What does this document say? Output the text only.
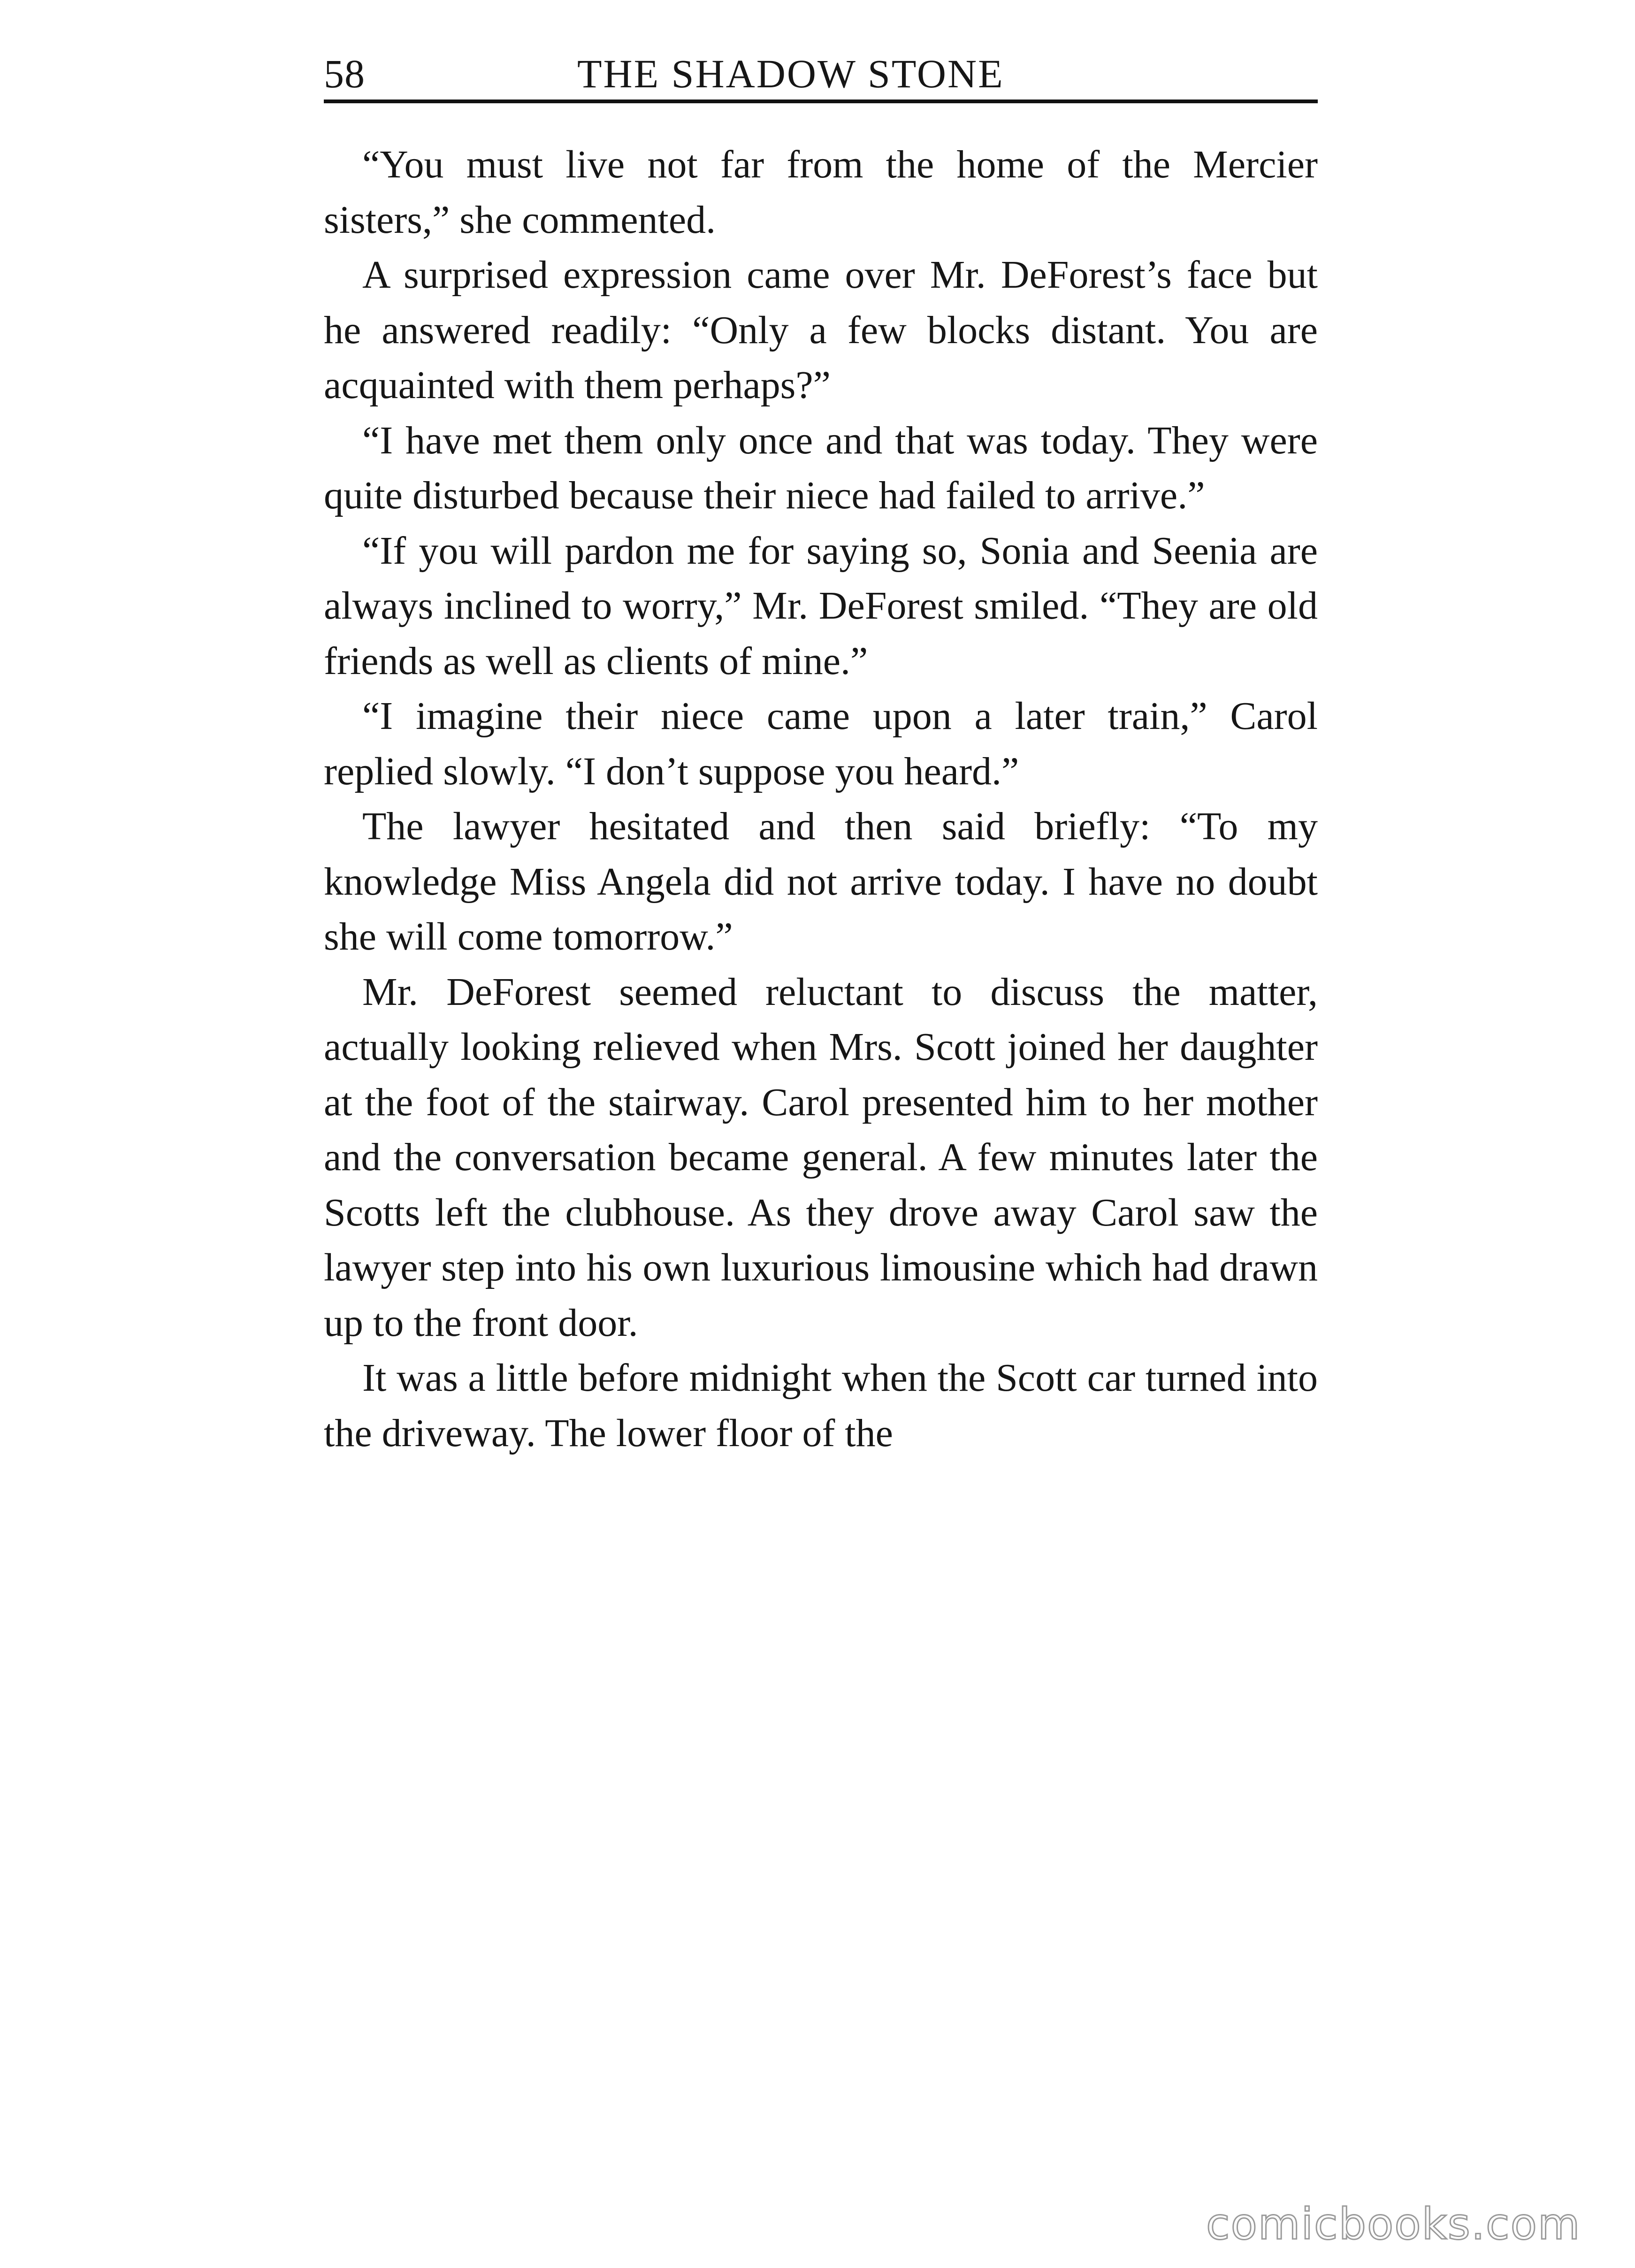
58	THE SHADOW STONE

“You must live not far from the home of the Mercier sisters,” she commented.

A surprised expression came over Mr. DeForest’s face but he answered readily: “Only a few blocks distant. You are acquainted with them perhaps?”

“I have met them only once and that was today. They were quite disturbed because their niece had failed to arrive.”

“If you will pardon me for saying so, Sonia and Seenia are always inclined to worry,” Mr. DeForest smiled. “They are old friends as well as clients of mine.”

“I imagine their niece came upon a later train,” Carol replied slowly. “I don’t suppose you heard.”

The lawyer hesitated and then said briefly: “To my knowledge Miss Angela did not arrive today. I have no doubt she will come tomorrow.”

Mr. DeForest seemed reluctant to discuss the matter, actually looking relieved when Mrs. Scott joined her daughter at the foot of the stairway. Carol presented him to her mother and the conversation became general. A few minutes later the Scotts left the clubhouse. As they drove away Carol saw the lawyer step into his own luxurious limousine which had drawn up to the front door.

It was a little before midnight when the Scott car turned into the driveway. The lower floor of the

comicbooks.com
